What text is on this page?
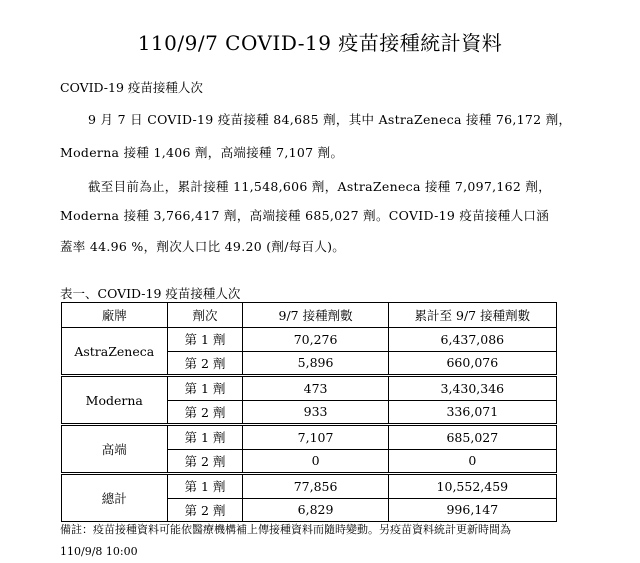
110/9/7 COVID-19 疫苗接種統計資料
COVID-19 疫苗接種人次
9 月 7 日 COVID-19 疫苗接種 84,685 劑，其中 AstraZeneca 接種 76,172 劑，
Moderna 接種 1,406 劑，高端接種 7,107 劑。
截至目前為止，累計接種 11,548,606 劑，AstraZeneca 接種 7,097,162 劑，
Moderna 接種 3,766,417 劑，高端接種 685,027 劑。COVID-19 疫苗接種人口涵
蓋率 44.96 %，劑次人口比 49.20 (劑/每百人)。
表一、COVID-19 疫苗接種人次
廠牌	劑次	9/7 接種劑數	累計至 9/7 接種劑數
AstraZeneca	第 1 劑	70,276	6,437,086
	第 2 劑	5,896	660,076
Moderna	第 1 劑	473	3,430,346
	第 2 劑	933	336,071
高端	第 1 劑	7,107	685,027
	第 2 劑	0	0
總計	第 1 劑	77,856	10,552,459
	第 2 劑	6,829	996,147
備註：疫苗接種資料可能依醫療機構補上傳接種資料而隨時變動。另疫苗資料統計更新時間為
110/9/8 10:00
